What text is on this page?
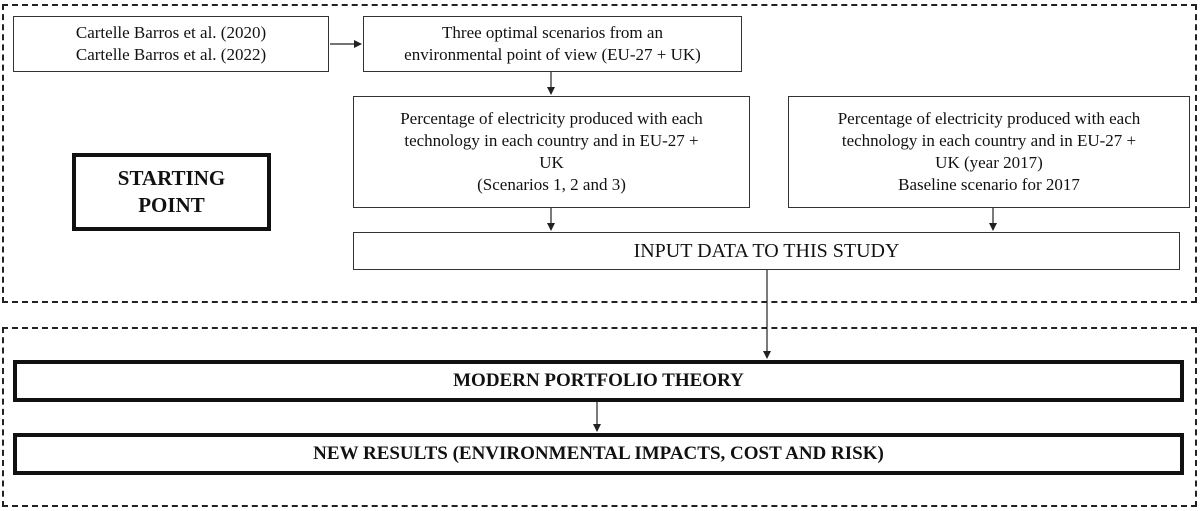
Cartelle Barros et al. (2020)
Cartelle Barros et al. (2022)
Three optimal scenarios from an
environmental point of view (EU-27 + UK)
Percentage of electricity produced with each
technology in each country and in EU-27 +
UK
(Scenarios 1, 2 and 3)
Percentage of electricity produced with each
technology in each country and in EU-27 +
UK (year 2017)
Baseline scenario for 2017
STARTING
POINT
INPUT DATA TO THIS STUDY
MODERN PORTFOLIO THEORY
NEW RESULTS (ENVIRONMENTAL IMPACTS, COST AND RISK)
